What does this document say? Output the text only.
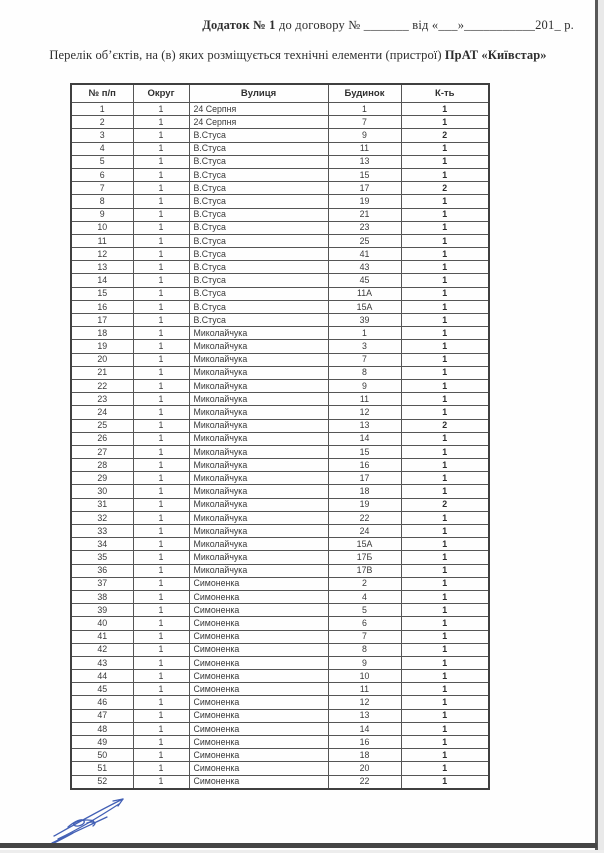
Додаток № 1 до договору № _______ від «___»___________201_ р.
Перелік об’єктів, на (в) яких розміщується технічні елементи (пристрої) ПрАТ «Київстар»
№ п/п	Округ	Вулиця	Будинок	К-ть
1	1	24 Серпня	1	1
2	1	24 Серпня	7	1
3	1	В.Стуса	9	2
4	1	В.Стуса	11	1
5	1	В.Стуса	13	1
6	1	В.Стуса	15	1
7	1	В.Стуса	17	2
8	1	В.Стуса	19	1
9	1	В.Стуса	21	1
10	1	В.Стуса	23	1
11	1	В.Стуса	25	1
12	1	В.Стуса	41	1
13	1	В.Стуса	43	1
14	1	В.Стуса	45	1
15	1	В.Стуса	11А	1
16	1	В.Стуса	15А	1
17	1	В.Стуса	39	1
18	1	Миколайчука	1	1
19	1	Миколайчука	3	1
20	1	Миколайчука	7	1
21	1	Миколайчука	8	1
22	1	Миколайчука	9	1
23	1	Миколайчука	11	1
24	1	Миколайчука	12	1
25	1	Миколайчука	13	2
26	1	Миколайчука	14	1
27	1	Миколайчука	15	1
28	1	Миколайчука	16	1
29	1	Миколайчука	17	1
30	1	Миколайчука	18	1
31	1	Миколайчука	19	2
32	1	Миколайчука	22	1
33	1	Миколайчука	24	1
34	1	Миколайчука	15А	1
35	1	Миколайчука	17Б	1
36	1	Миколайчука	17В	1
37	1	Симоненка	2	1
38	1	Симоненка	4	1
39	1	Симоненка	5	1
40	1	Симоненка	6	1
41	1	Симоненка	7	1
42	1	Симоненка	8	1
43	1	Симоненка	9	1
44	1	Симоненка	10	1
45	1	Симоненка	11	1
46	1	Симоненка	12	1
47	1	Симоненка	13	1
48	1	Симоненка	14	1
49	1	Симоненка	16	1
50	1	Симоненка	18	1
51	1	Симоненка	20	1
52	1	Симоненка	22	1
